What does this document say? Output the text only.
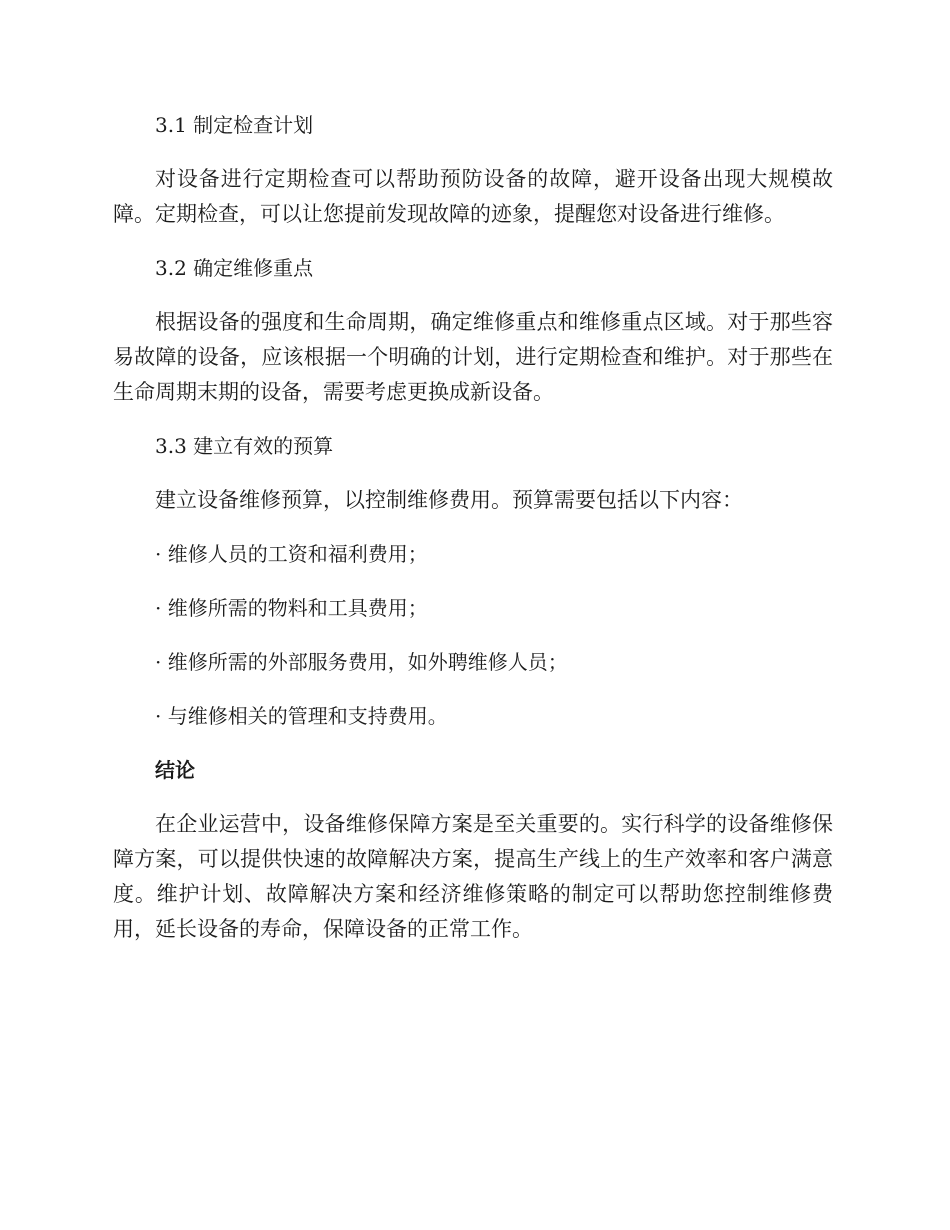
3.1 制定检查计划

对设备进行定期检查可以帮助预防设备的故障，避开设备出现大规模故障。定期检查，可以让您提前发现故障的迹象，提醒您对设备进行维修。

3.2 确定维修重点

根据设备的强度和生命周期，确定维修重点和维修重点区域。对于那些容易故障的设备，应该根据一个明确的计划，进行定期检查和维护。对于那些在生命周期末期的设备，需要考虑更换成新设备。

3.3 建立有效的预算

建立设备维修预算，以控制维修费用。预算需要包括以下内容：

· 维修人员的工资和福利费用；

· 维修所需的物料和工具费用；

· 维修所需的外部服务费用，如外聘维修人员；

· 与维修相关的管理和支持费用。

结论

在企业运营中，设备维修保障方案是至关重要的。实行科学的设备维修保障方案，可以提供快速的故障解决方案，提高生产线上的生产效率和客户满意度。维护计划、故障解决方案和经济维修策略的制定可以帮助您控制维修费用，延长设备的寿命，保障设备的正常工作。
